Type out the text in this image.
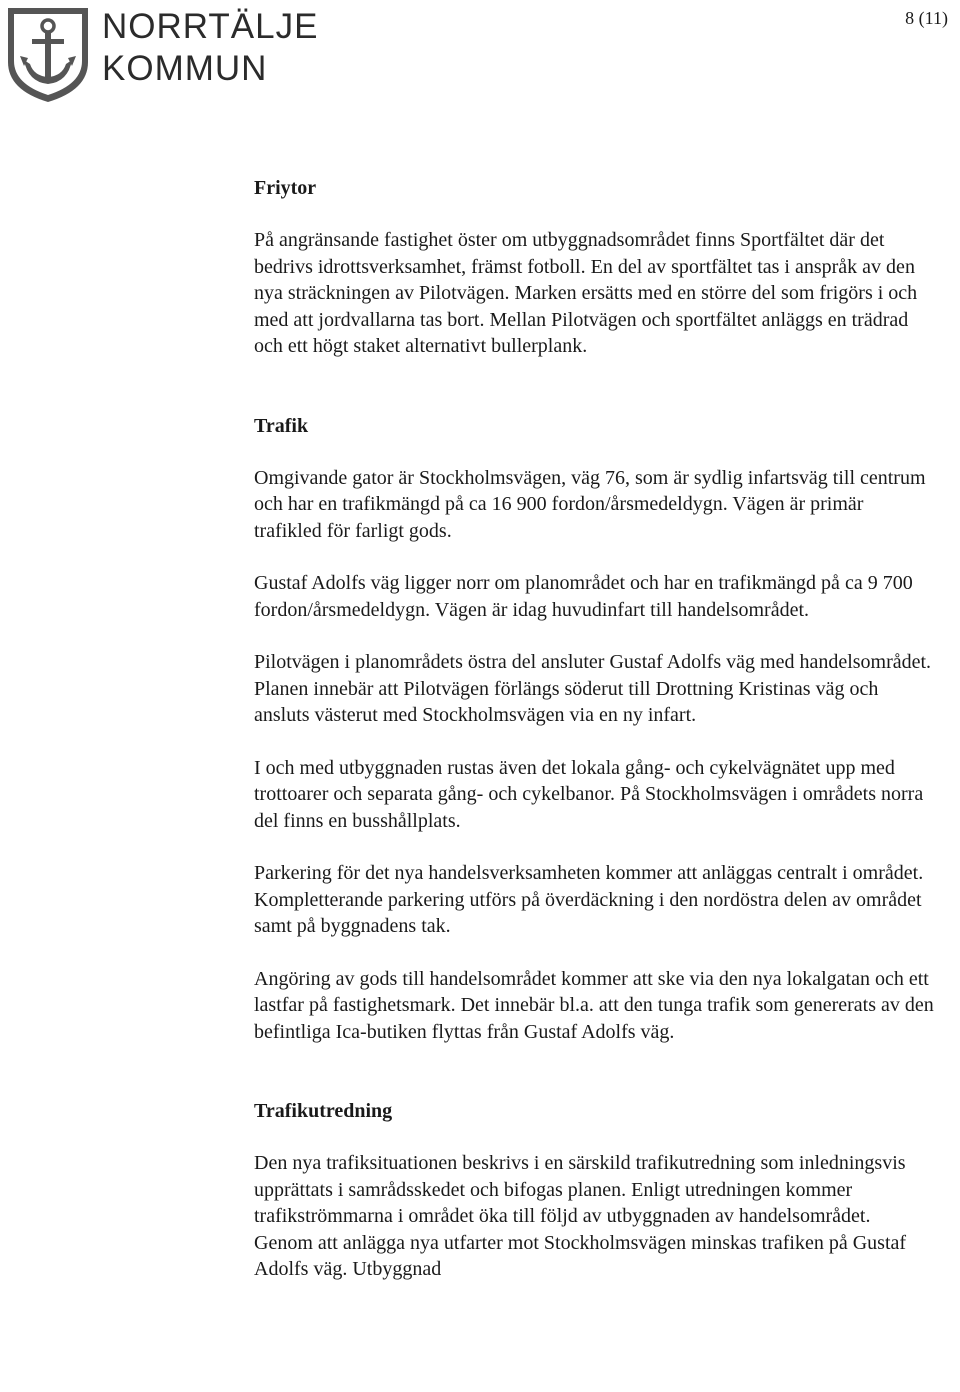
NORRTÄLJE
KOMMUN
8 (11)
Friytor

På angränsande fastighet öster om utbyggnadsområdet finns Sportfältet där det bedrivs idrottsverksamhet, främst fotboll. En del av sportfältet tas i anspråk av den nya sträckningen av Pilotvägen. Marken ersätts med en större del som frigörs i och med att jordvallarna tas bort. Mellan Pilotvägen och sportfältet anläggs en trädrad och ett högt staket alternativt bullerplank.

Trafik

Omgivande gator är Stockholmsvägen, väg 76, som är sydlig infartsväg till centrum och har en trafikmängd på ca 16 900 fordon/årsmedeldygn. Vägen är primär trafikled för farligt gods.

Gustaf Adolfs väg ligger norr om planområdet och har en trafikmängd på ca 9 700 fordon/årsmedeldygn. Vägen är idag huvudinfart till handelsområdet.

Pilotvägen i planområdets östra del ansluter Gustaf Adolfs väg med handelsområdet. Planen innebär att Pilotvägen förlängs söderut till Drottning Kristinas väg och ansluts västerut med Stockholmsvägen via en ny infart.

I och med utbyggnaden rustas även det lokala gång- och cykelvägnätet upp med trottoarer och separata gång- och cykelbanor. På Stockholmsvägen i områdets norra del finns en busshållplats.

Parkering för det nya handelsverksamheten kommer att anläggas centralt i området. Kompletterande parkering utförs på överdäckning i den nordöstra delen av området samt på byggnadens tak.

Angöring av gods till handelsområdet kommer att ske via den nya lokalgatan och ett lastfar på fastighetsmark. Det innebär bl.a. att den tunga trafik som genererats av den befintliga Ica-butiken flyttas från Gustaf Adolfs väg.

Trafikutredning

Den nya trafiksituationen beskrivs i en särskild trafikutredning som inledningsvis upprättats i samrådsskedet och bifogas planen. Enligt utredningen kommer trafikströmmarna i området öka till följd av utbyggnaden av handelsområdet. Genom att anlägga nya utfarter mot Stockholmsvägen minskas trafiken på Gustaf Adolfs väg. Utbyggnad
